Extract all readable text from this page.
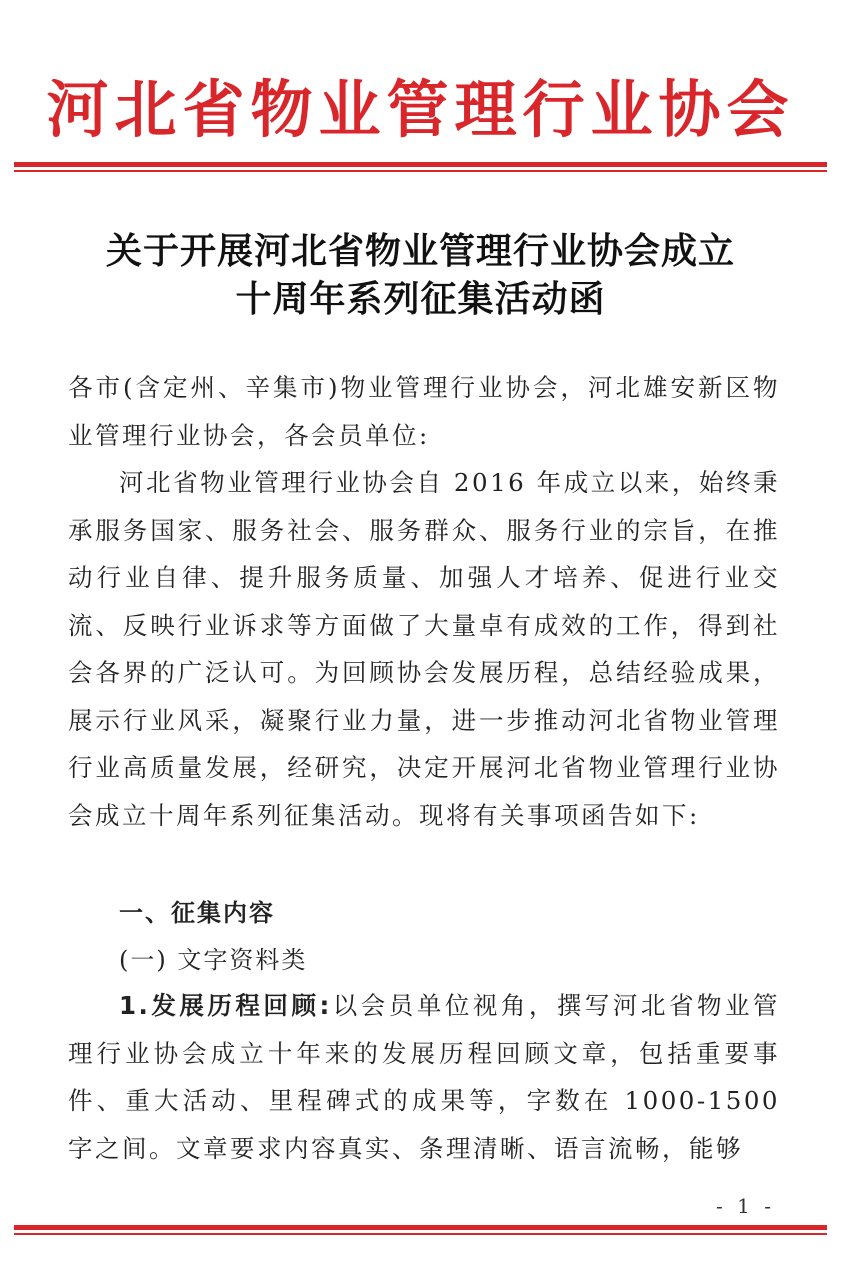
河北省物业管理行业协会
关于开展河北省物业管理行业协会成立
十周年系列征集活动函

各市(含定州、辛集市)物业管理行业协会，河北雄安新区物业管理行业协会，各会员单位:

河北省物业管理行业协会自 2016 年成立以来，始终秉承服务国家、服务社会、服务群众、服务行业的宗旨，在推动行业自律、提升服务质量、加强人才培养、促进行业交流、反映行业诉求等方面做了大量卓有成效的工作，得到社会各界的广泛认可。为回顾协会发展历程，总结经验成果，展示行业风采，凝聚行业力量，进一步推动河北省物业管理行业高质量发展，经研究，决定开展河北省物业管理行业协会成立十周年系列征集活动。现将有关事项函告如下:

一、征集内容
(一) 文字资料类

1.发展历程回顾:以会员单位视角，撰写河北省物业管理行业协会成立十年来的发展历程回顾文章，包括重要事件、重大活动、里程碑式的成果等，字数在 1000-1500 字之间。文章要求内容真实、条理清晰、语言流畅，能够

- 1 -
